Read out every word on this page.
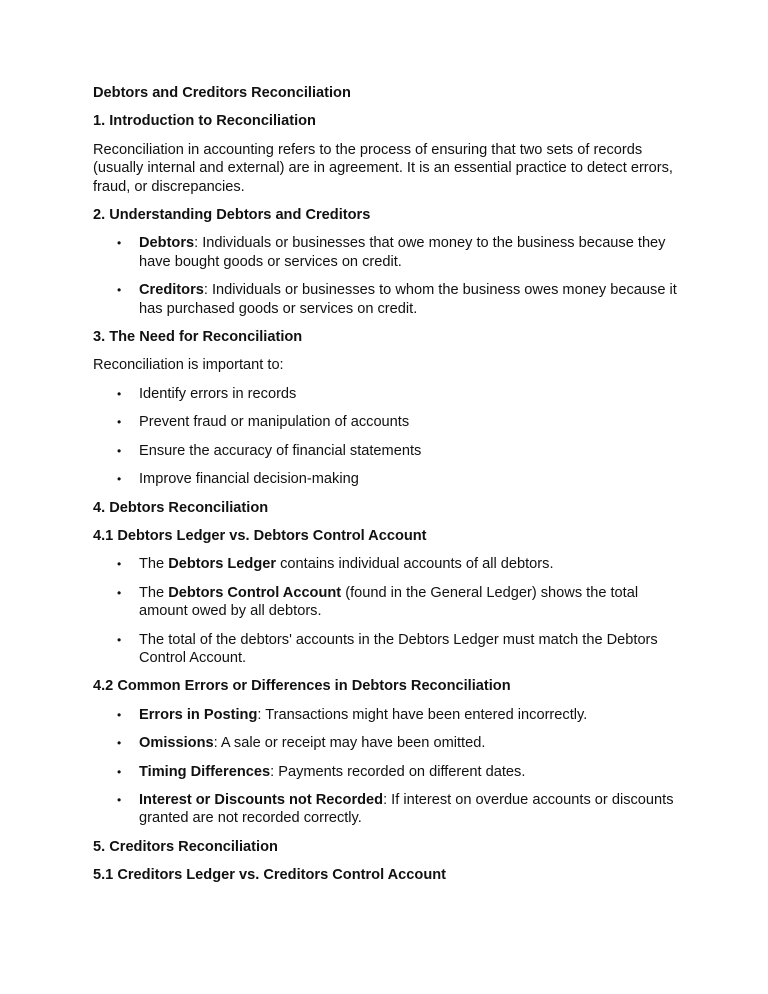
Debtors and Creditors Reconciliation
1. Introduction to Reconciliation

Reconciliation in accounting refers to the process of ensuring that two sets of records (usually internal and external) are in agreement. It is an essential practice to detect errors, fraud, or discrepancies.

2. Understanding Debtors and Creditors
• Debtors: Individuals or businesses that owe money to the business because they have bought goods or services on credit.
• Creditors: Individuals or businesses to whom the business owes money because it has purchased goods or services on credit.
3. The Need for Reconciliation

Reconciliation is important to:

• Identify errors in records
• Prevent fraud or manipulation of accounts
• Ensure the accuracy of financial statements
• Improve financial decision-making
4. Debtors Reconciliation
4.1 Debtors Ledger vs. Debtors Control Account
• The Debtors Ledger contains individual accounts of all debtors.
• The Debtors Control Account (found in the General Ledger) shows the total amount owed by all debtors.
• The total of the debtors' accounts in the Debtors Ledger must match the Debtors Control Account.
4.2 Common Errors or Differences in Debtors Reconciliation
• Errors in Posting: Transactions might have been entered incorrectly.
• Omissions: A sale or receipt may have been omitted.
• Timing Differences: Payments recorded on different dates.
• Interest or Discounts not Recorded: If interest on overdue accounts or discounts granted are not recorded correctly.
5. Creditors Reconciliation
5.1 Creditors Ledger vs. Creditors Control Account
